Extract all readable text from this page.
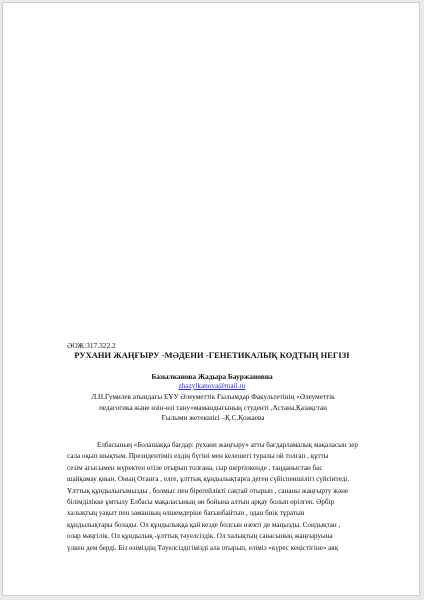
ӘОЖ:317.322.2
РУХАНИ ЖАҢҒЫРУ -МӘДЕНИ -ГЕНЕТИКАЛЫҚ КОДТЫҢ НЕГІЗІ
Базылканова Жадыра Бауржановна
zhazylkanova@mail.ru
Л.Н.Гумилев атындағы ЕҰУ Әлеуметтік Ғылымдар Факультетінің «Әлеуметтік
педагогика және өзін-өзі тану»мамандығының студенті ,Астана,Қазақстан
Ғылыми жетекшісі –Қ.С.Қожаева
Елбасының «Болашаққа бағдар: рухани жаңғыру» атты бағдарламалық мақаласын зер
сала оқып шықтым. Президентіміз елдің бүгіні мен келешегі туралы ой толғап , құтты
сезім ағысымен жүректен өтіле отырып толғана, сыр шертіпкенде , таңданыстан бас
шайқамау қиын. Оның Отанға , елге, ұлттық құндылықтарға деген сүйіспеншілігі сүйсінтеді.
Ұлттық құндылығымызды , болмыс пен бірегейлікті сақтай отырып , сананы жаңғырту және
білімділікке ұмтылу Елбасы мақаласының өн бойына алтын арқау болып өрілген. Әрбір
халықтың уақыт пен заманның өлшемдеріне бағынбайтын , одан биік тұратын
құндылықтары болады. Ол құндылыққа қай кезде болсын өзекті де маңызды. Сондықтан ,
олар мәңгілік. Ол құндылық -ұлттық тәуелсіздік. Ол халықтың санасының жаңғыруына
үлкен дем берді. Біз өзіміздің Тәуелсіздігімізді ала отырып, еліміз «күрес кеңістігіне» аяқ
